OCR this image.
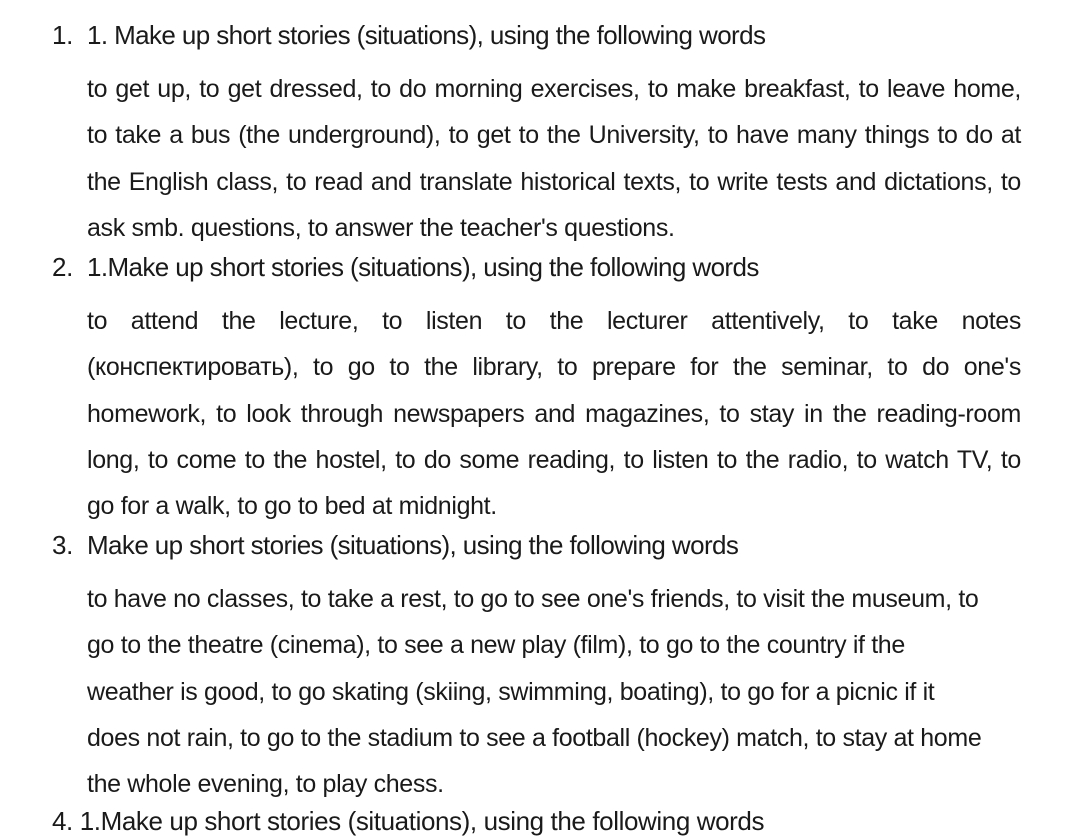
1. 1. Make up short stories (situations), using the following words
to get up, to get dressed, to do morning exercises, to make breakfast, to leave home, to take a bus (the underground), to get to the University, to have many things to do at the English class, to read and translate historical texts, to write tests and dictations, to ask smb. questions, to answer the teacher's questions.
2. 1.Make up short stories (situations), using the following words
to attend the lecture, to listen to the lecturer attentively, to take notes (конспектировать), to go to the library, to prepare for the seminar, to do one's homework, to look through newspapers and magazines, to stay in the reading-room long, to come to the hostel, to do some reading, to listen to the radio, to watch TV, to go for a walk, to go to bed at midnight.
3. Make up short stories (situations), using the following words
to have no classes, to take a rest, to go to see one's friends, to visit the museum, to go to the theatre (cinema), to see a new play (film), to go to the country if the weather is good, to go skating (skiing, swimming, boating), to go for a picnic if it does not rain, to go to the stadium to see a football (hockey) match, to stay at home the whole evening, to play chess.
4. 1.Make up short stories (situations), using the following words
